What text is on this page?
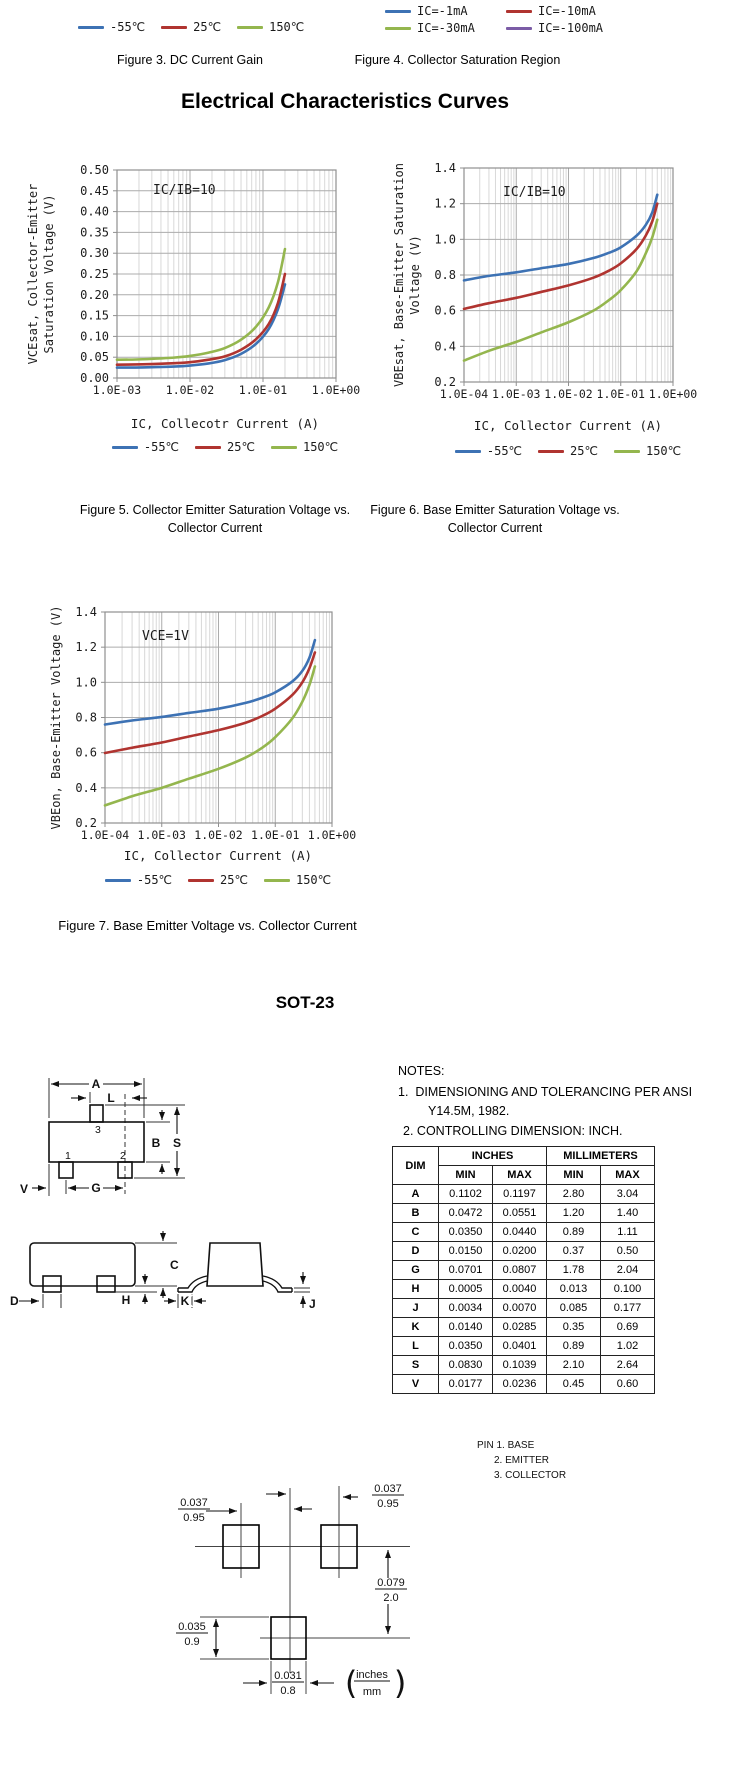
-55℃	25℃	150℃
Figure 3. DC Current Gain
IC=-1mA	IC=-10mA
IC=-30mA	IC=-100mA
Figure 4. Collector Saturation Region
Electrical Characteristics Curves
0.00
0.05
0.10
0.15
0.20
0.25
0.30
0.35
0.40
0.45
0.50
1.0E-03 1.0E-02 1.0E-01 1.0E+00
IC/IB=10
VCEsat, Collector-Emitter Saturation Voltage (V)
IC, Collecotr Current (A)
-55℃	25℃	150℃
0.2
0.4
0.6
0.8
1.0
1.2
1.4
1.0E-04 1.0E-03 1.0E-02 1.0E-01 1.0E+00
IC/IB=10
VBEsat, Base-Emitter Saturation Voltage (V)
IC, Collector Current (A)
-55℃	25℃	150℃
Figure 5. Collector Emitter Saturation Voltage vs.
Collector Current
Figure 6. Base Emitter Saturation Voltage vs.
Collector Current
0.2
0.4
0.6
0.8
1.0
1.2
1.4
1.0E-04 1.0E-03 1.0E-02 1.0E-01 1.0E+00
VCE=1V
VBEon, Base-Emitter Voltage (V)
IC, Collector Current (A)
-55℃	25℃	150℃
Figure 7. Base Emitter Voltage vs. Collector Current
SOT-23
A
L
B S
G
V
1	2
3
NOTES:
1. DIMENSIONING AND TOLERANCING PER ANSI Y14.5M, 1982.
2. CONTROLLING DIMENSION: INCH.
DIM	INCHES		MILLIMETERS	
	MIN	MAX	MIN	MAX
A	0.1102	0.1197	2.80	3.04
B	0.0472	0.0551	1.20	1.40
C	0.0350	0.0440	0.89	1.11
D	0.0150	0.0200	0.37	0.50
G	0.0701	0.0807	1.78	2.04
H	0.0005	0.0040	0.013	0.100
J	0.0034	0.0070	0.085	0.177
K	0.0140	0.0285	0.35	0.69
L	0.0350	0.0401	0.89	1.02
S	0.0830	0.1039	2.10	2.64
V	0.0177	0.0236	0.45	0.60
C
H
D	K	J
PIN 1. BASE
2. EMITTER
3. COLLECTOR
0.037
0.95
0.037
0.95
0.079
2.0
0.035
0.9
0.031
0.8 (
inches
mm )
